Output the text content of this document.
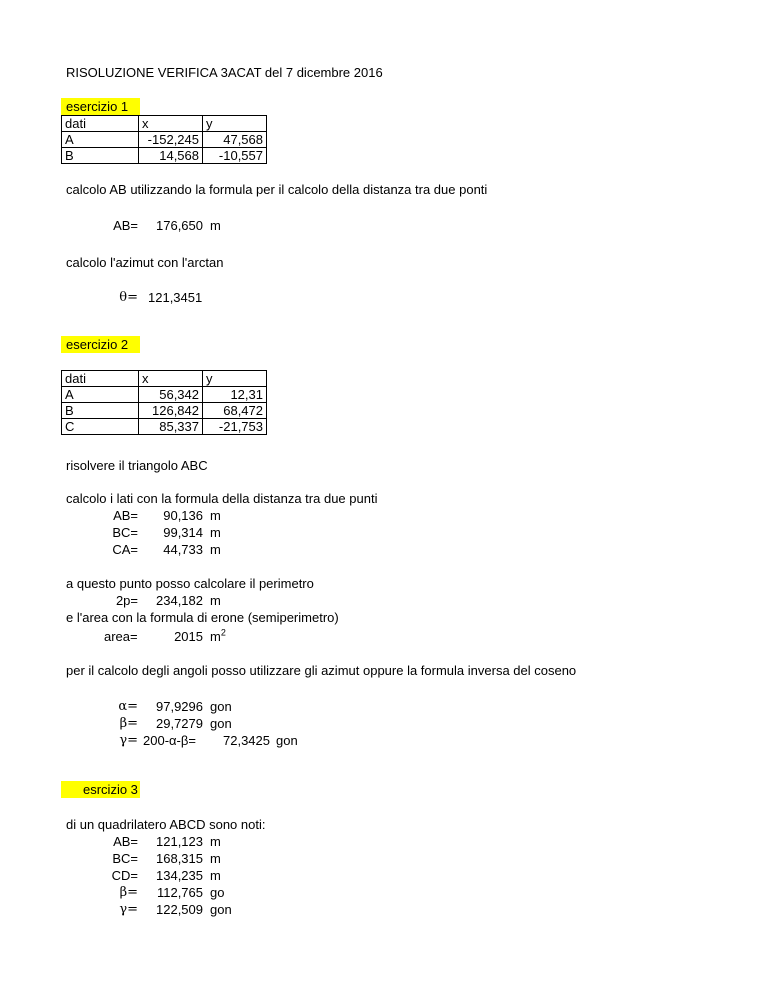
RISOLUZIONE VERIFICA 3ACAT del 7 dicembre 2016
esercizio 1
dati	x	y
A	-152,245	47,568
B	14,568	-10,557
calcolo AB utilizzando la formula per il calcolo della distanza tra due ponti
AB=	176,650 m
calcolo l'azimut con l'arctan
θ= 121,3451
esercizio 2
dati	x	y
A	56,342	12,31
B	126,842	68,472
C	85,337	-21,753
risolvere il triangolo ABC
calcolo i lati con la formula della distanza tra due punti
AB=	90,136 m
BC=	99,314 m
CA=	44,733 m
a questo punto posso calcolare il perimetro
2p=	234,182 m
e l'area con la formula di erone (semiperimetro)
area=	2015 $m^2$
per il calcolo degli angoli posso utilizzare gli azimut oppure la formula inversa del coseno
α=	97,9296 gon
β=	29,7279 gon
γ= 200-α-β= 72,3425 gon
esrcizio 3
di un quadrilatero ABCD sono noti:
AB=	121,123 m
BC=	168,315 m
CD=	134,235 m
β=	112,765 go
γ=	122,509 gon
